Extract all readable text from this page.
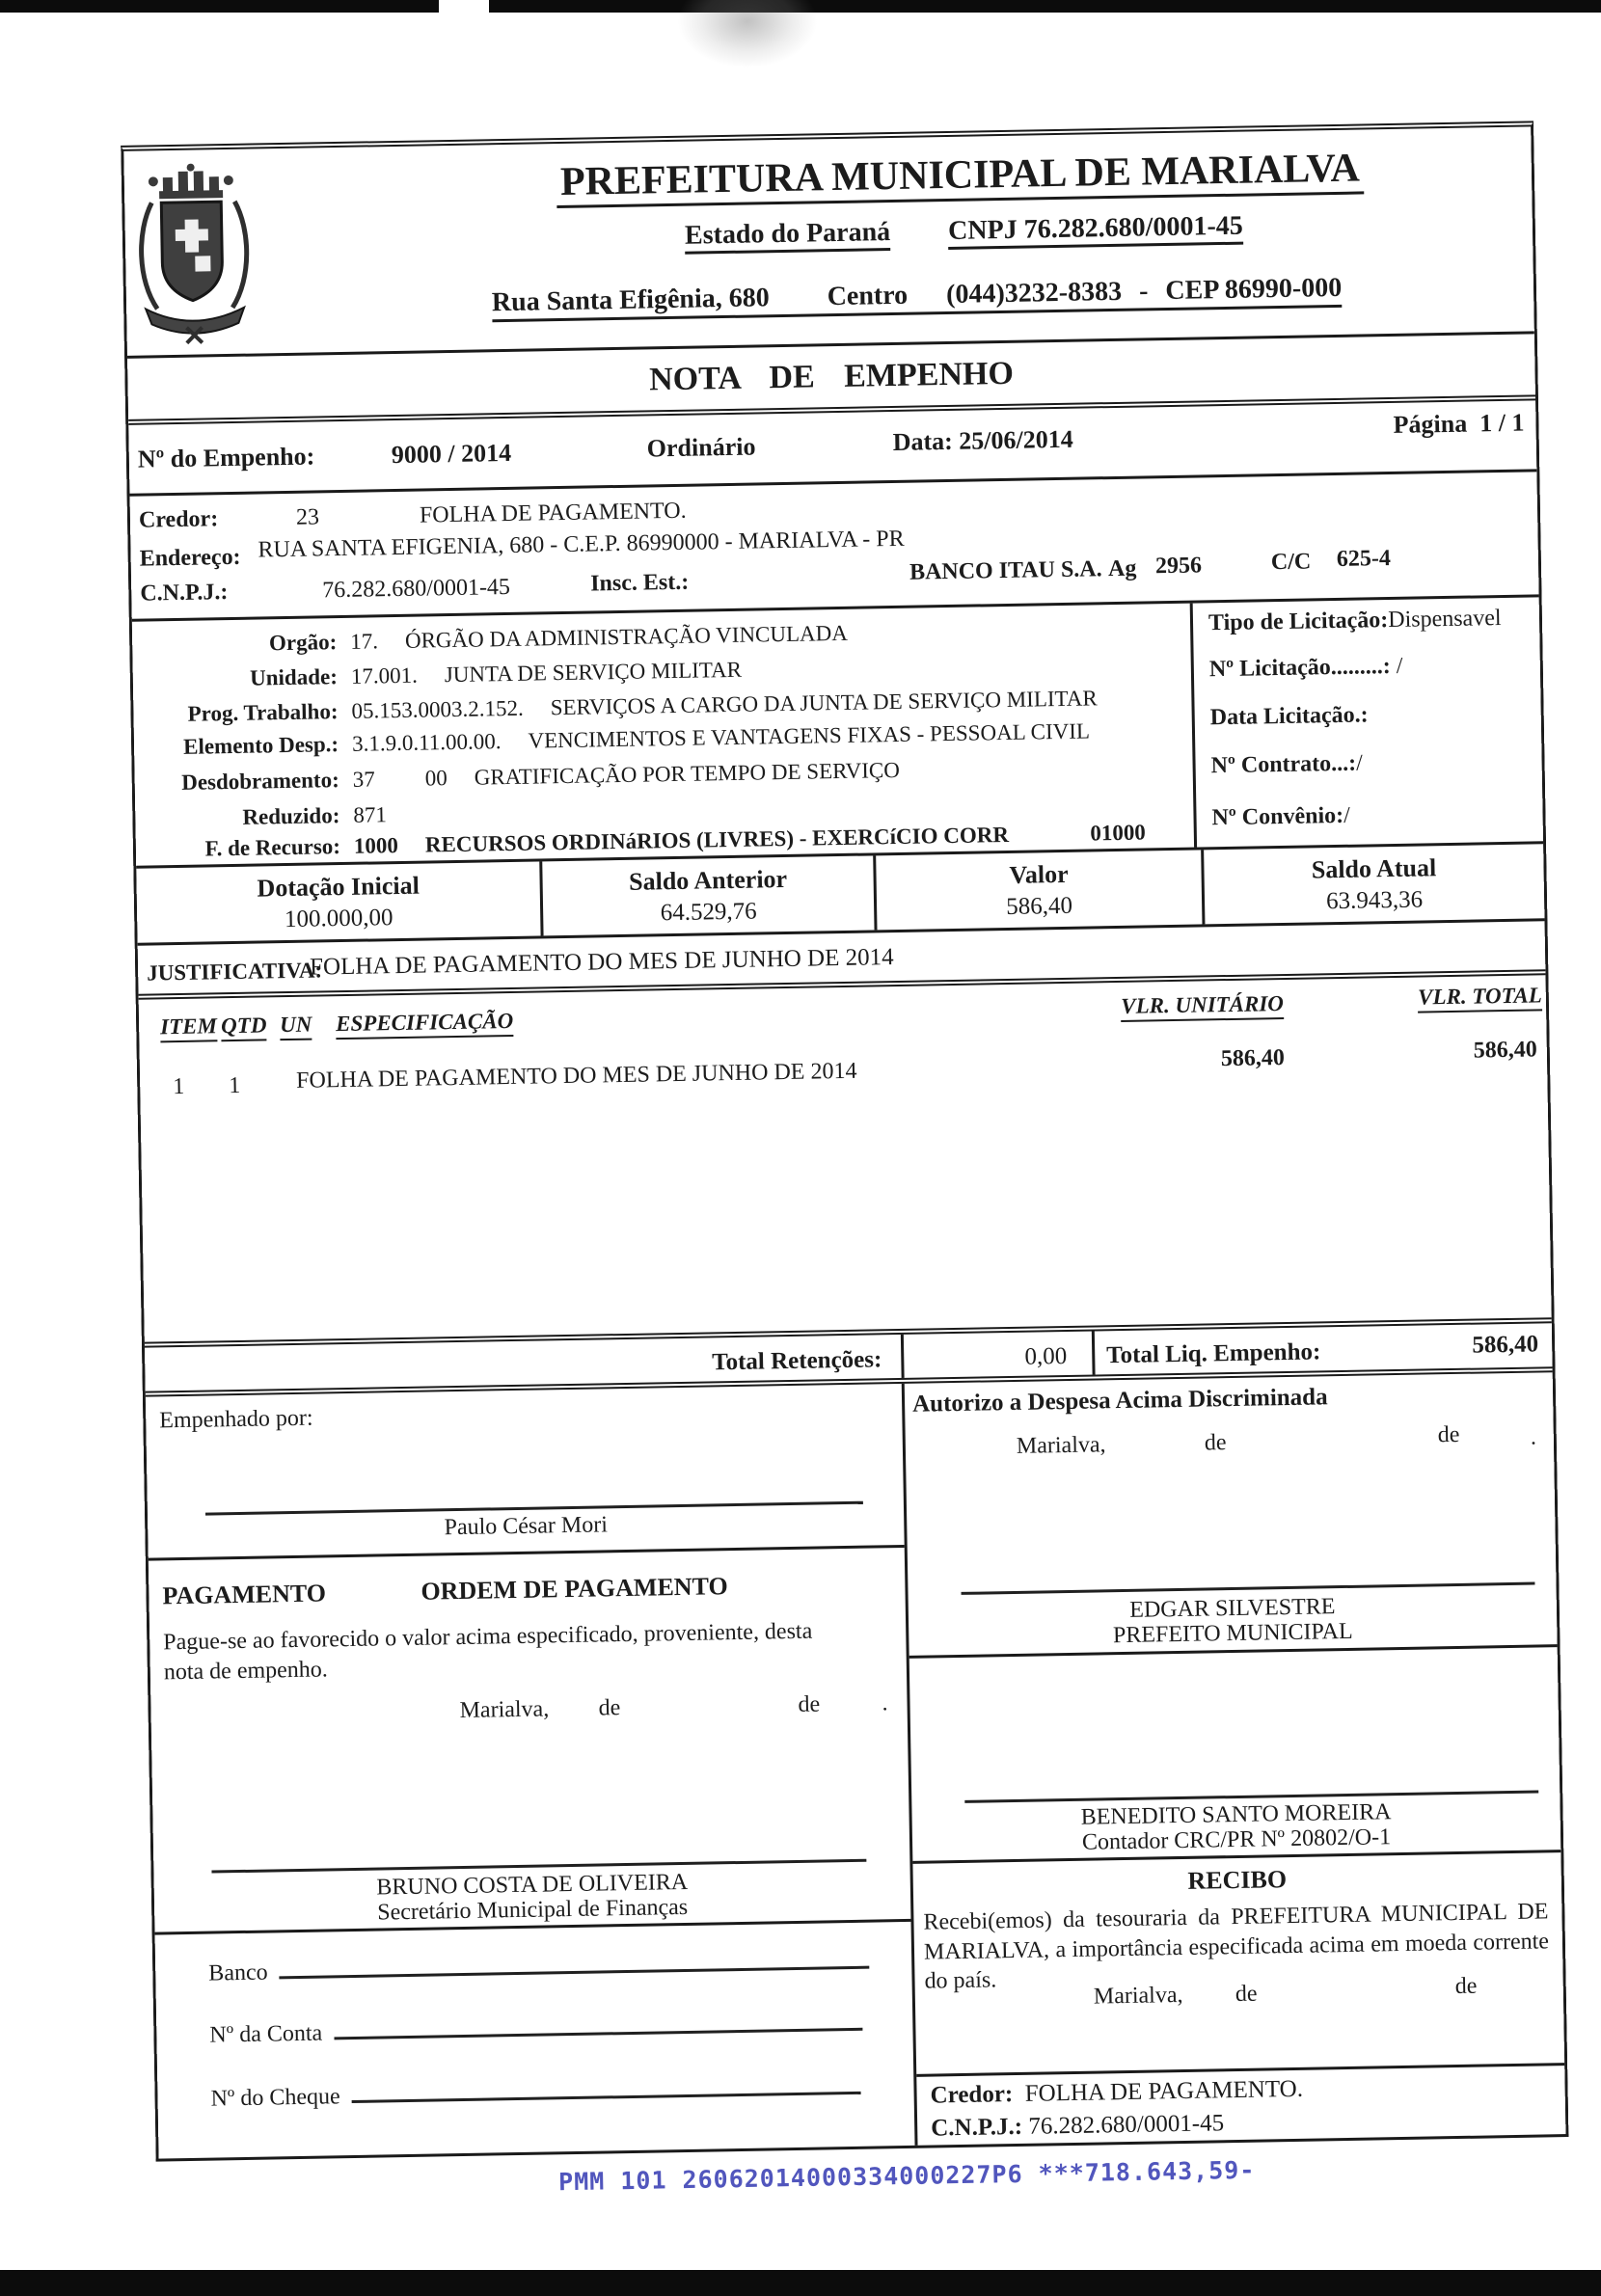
PREFEITURA MUNICIPAL DE MARIALVA
Estado do Paraná CNPJ 76.282.680/0001-45
Rua Santa Efigênia, 680 Centro (044)3232-8383 - CEP 86990-000
NOTA DE EMPENHO
Nº do Empenho:	9000 / 2014	Ordinário	Data: 25/06/2014
Página 1 / 1
Credor:	23	FOLHA DE PAGAMENTO.
Endereço: RUA SANTA EFIGENIA, 680 - C.E.P. 86990000 - MARIALVA - PR
C.N.P.J.:	76.282.680/0001-45	Insc. Est.:	BANCO ITAU S.A. Ag 2956	C/C 625-4
Orgão: 17. ÓRGÃO DA ADMINISTRAÇÃO VINCULADA
Unidade: 17.001. JUNTA DE SERVIÇO MILITAR
Prog. Trabalho: 05.153.0003.2.152. SERVIÇOS A CARGO DA JUNTA DE SERVIÇO MILITAR
Elemento Desp.: 3.1.9.0.11.00.00. VENCIMENTOS E VANTAGENS FIXAS - PESSOAL CIVIL
Desdobramento: 37 00 GRATIFICAÇÃO POR TEMPO DE SERVIÇO
Reduzido: 871
F. de Recurso: 1000 RECURSOS ORDINáRIOS (LIVRES) - EXERCíCIO CORR	01000
Tipo de Licitação:Dispensavel
Nº Licitação.........: /
Data Licitação.:
Nº Contrato...:/
Nº Convênio:/
Dotação Inicial
100.000,00
Saldo Anterior
64.529,76
Valor
586,40
Saldo Atual
63.943,36
JUSTIFICATIVA:
FOLHA DE PAGAMENTO DO MES DE JUNHO DE 2014
ITEM QTD UN ESPECIFICAÇÃO
VLR. UNITÁRIO	VLR. TOTAL
1 1 FOLHA DE PAGAMENTO DO MES DE JUNHO DE 2014
586,40	586,40
Total Retenções:	0,00	Total Liq. Empenho:	586,40
Empenhado por:
Paulo César Mori
PAGAMENTO	ORDEM DE PAGAMENTO
Pague-se ao favorecido o valor acima especificado, proveniente, desta nota de empenho.
Marialva, de	de	.
BRUNO COSTA DE OLIVEIRA
Secretário Municipal de Finanças
Banco
Nº da Conta
Nº do Cheque
Autorizo a Despesa Acima Discriminada
Marialva,	de	de	.
EDGAR SILVESTRE
PREFEITO MUNICIPAL
BENEDITO SANTO MOREIRA
Contador CRC/PR Nº 20802/O-1
RECIBO
Recebi(emos) da tesouraria da PREFEITURA MUNICIPAL DE MARIALVA, a importância especificada acima em moeda corrente do país.
Marialva, de	de
Credor: FOLHA DE PAGAMENTO.
C.N.P.J.: 76.282.680/0001-45
PMM 101 26062014000334000227P6 ***718.643,59-
